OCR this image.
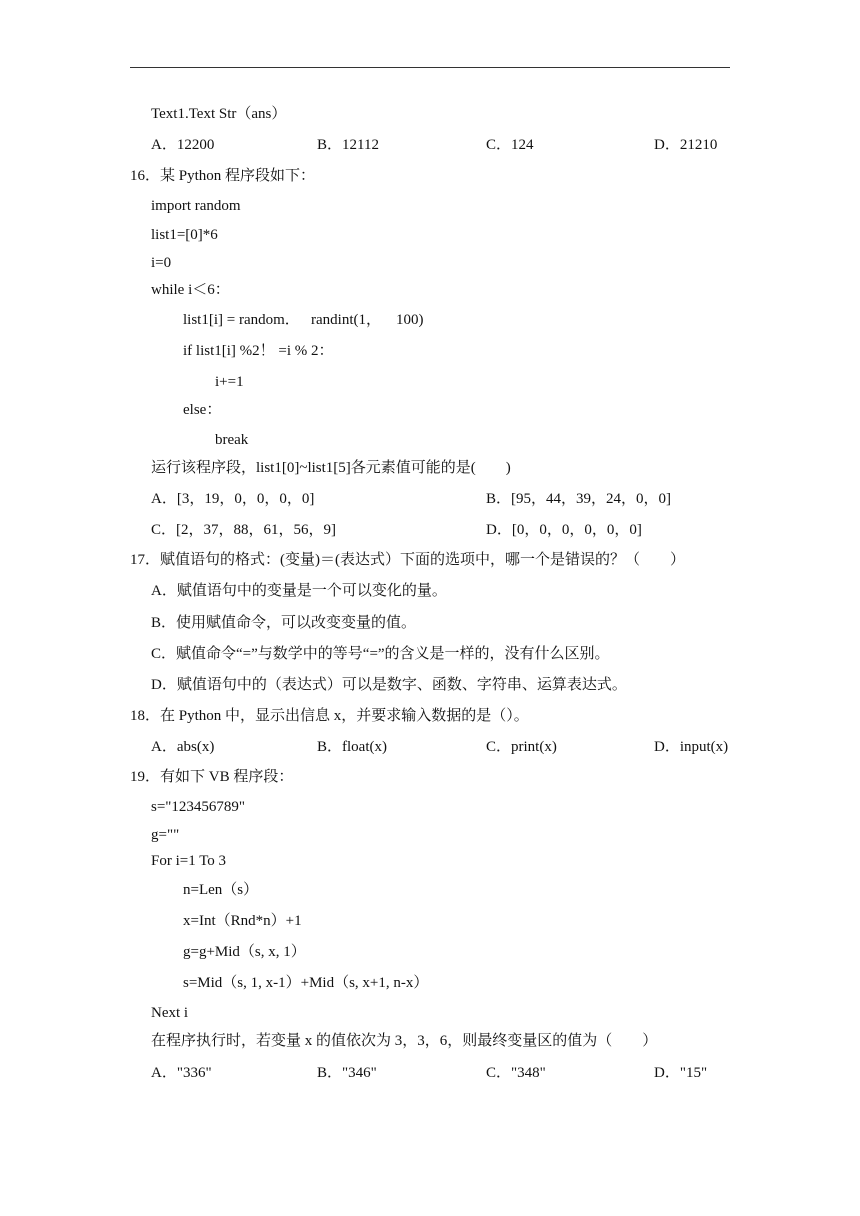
Text1.Text Str（ans）
A．12200	B．12112	C．124	D．21210
16．某 Python 程序段如下：
import random
list1=[0]*6
i=0
while i＜6：
list1[i] = random．   randint(1，    100)
if list1[i] %2！ =i % 2：
i+=1
else：
break
运行该程序段，list1[0]~list1[5]各元素值可能的是(        )
A．[3，19，0，0，0，0]	B．[95，44，39，24，0，0]
C．[2，37，88，61，56，9]	D．[0，0，0，0，0，0]
17．赋值语句的格式：(变量)＝(表达式）下面的选项中，哪一个是错误的？（        ）
A．赋值语句中的变量是一个可以变化的量。
B．使用赋值命令，可以改变变量的值。
C．赋值命令“=”与数学中的等号“=”的含义是一样的，没有什么区别。
D．赋值语句中的（表达式）可以是数字、函数、字符串、运算表达式。
18．在 Python 中，显示出信息 x，并要求输入数据的是（）。
A．abs(x)	B．float(x)	C．print(x)	D．input(x)
19．有如下 VB 程序段：
s="123456789"
g=""
For i=1 To 3
n=Len（s）
x=Int（Rnd*n）+1
g=g+Mid（s, x, 1）
s=Mid（s, 1, x-1）+Mid（s, x+1, n-x）
Next i
在程序执行时，若变量 x 的值依次为 3，3，6，则最终变量区的值为（        ）
A．"336"	B．"346"	C．"348"	D．"15"
